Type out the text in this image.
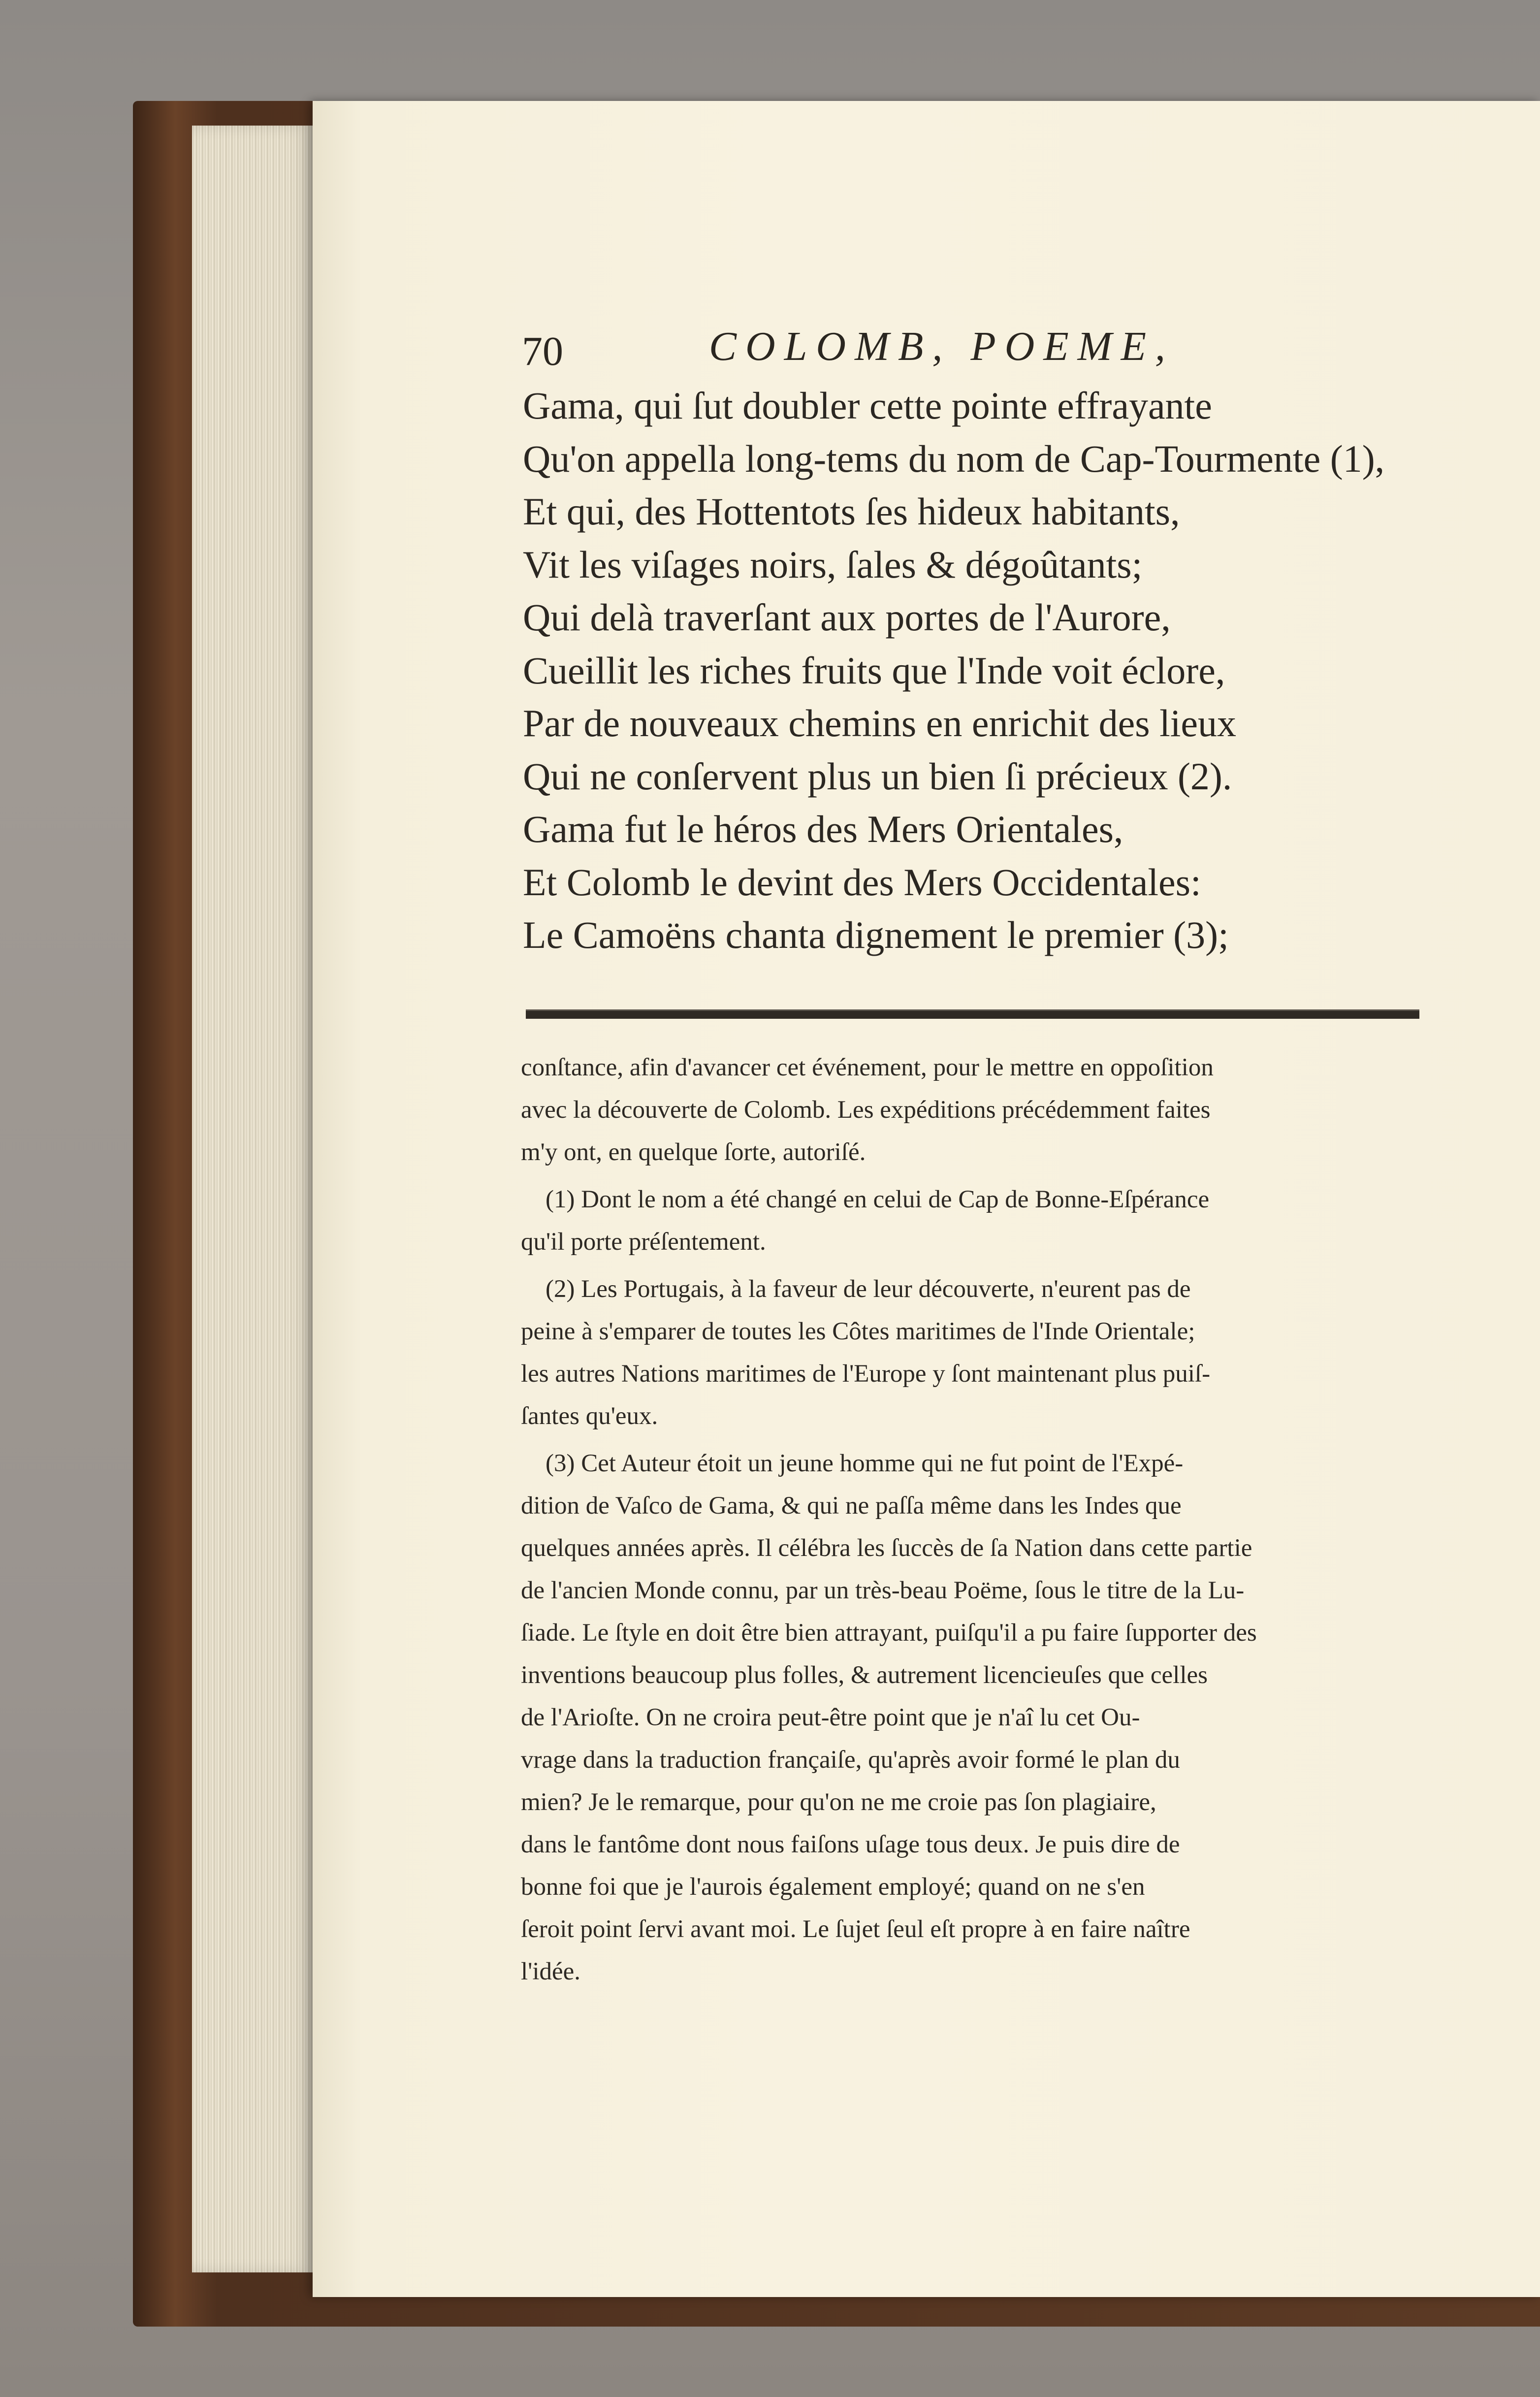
70	COLOMB, POEME,
Gama, qui ſut doubler cette pointe effrayante
Qu'on appella long-tems du nom de Cap-Tourmente (1),
Et qui, des Hottentots ſes hideux habitants,
Vit les viſages noirs, ſales & dégoûtants;
Qui delà traverſant aux portes de l'Aurore,
Cueillit les riches fruits que l'Inde voit éclore,
Par de nouveaux chemins en enrichit des lieux
Qui ne conſervent plus un bien ſi précieux (2).
Gama fut le héros des Mers Orientales,
Et Colomb le devint des Mers Occidentales:
Le Camoëns chanta dignement le premier (3);
conſtance, afin d'avancer cet événement, pour le mettre en oppoſition
avec la découverte de Colomb. Les expéditions précédemment faites
m'y ont, en quelque ſorte, autoriſé.
(1) Dont le nom a été changé en celui de Cap de Bonne-Eſpérance
qu'il porte préſentement.
(2) Les Portugais, à la faveur de leur découverte, n'eurent pas de
peine à s'emparer de toutes les Côtes maritimes de l'Inde Orientale;
les autres Nations maritimes de l'Europe y ſont maintenant plus puiſ-
ſantes qu'eux.
(3) Cet Auteur étoit un jeune homme qui ne fut point de l'Expé-
dition de Vaſco de Gama, & qui ne paſſa même dans les Indes que
quelques années après. Il célébra les ſuccès de ſa Nation dans cette partie
de l'ancien Monde connu, par un très-beau Poëme, ſous le titre de la Lu-
ſiade. Le ſtyle en doit être bien attrayant, puiſqu'il a pu faire ſupporter des
inventions beaucoup plus folles, & autrement licencieuſes que celles
de l'Arioſte. On ne croira peut-être point que je n'aî lu cet Ou-
vrage dans la traduction françaiſe, qu'après avoir formé le plan du
mien? Je le remarque, pour qu'on ne me croie pas ſon plagiaire,
dans le fantôme dont nous faiſons uſage tous deux. Je puis dire de
bonne foi que je l'aurois également employé; quand on ne s'en
ſeroit point ſervi avant moi. Le ſujet ſeul eſt propre à en faire naître
l'idée.
